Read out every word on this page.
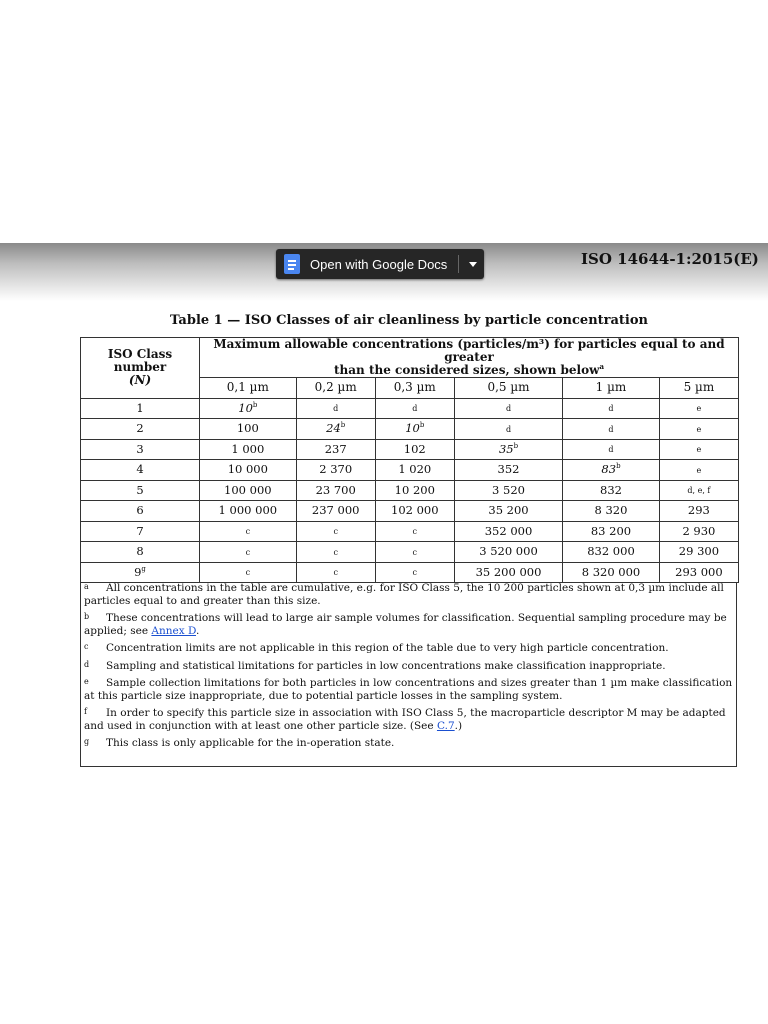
Open with Google Docs	ISO 14644-1:2015(E)
Table 1 — ISO Classes of air cleanliness by particle concentration
ISO Class number
(N)	Maximum allowable concentrations (particles/m³) for particles equal to and greater
than the considered sizes, shown below$^a$
	0,1 µm	0,2 µm	0,3 µm	0,5 µm	1 µm	5 µm
1	10$^b$	d	d	d	d	e
2	100	24$^b$	10$^b$	d	d	e
3	1 000	237	102	35$^b$	d	e
4	10 000	2 370	1 020	352	83$^b$	e
5	100 000	23 700	10 200	3 520	832	d, e, f
6	1 000 000	237 000	102 000	35 200	8 320	293
7	c	c	c	352 000	83 200	2 930
8	c	c	c	3 520 000	832 000	29 300
9$^g$	c	c	c	35 200 000	8 320 000	293 000
a	All concentrations in the table are cumulative, e.g. for ISO Class 5, the 10 200 particles shown at 0,3 µm include all particles equal to and greater than this size.
b	These concentrations will lead to large air sample volumes for classification. Sequential sampling procedure may be applied; see Annex D.
c	Concentration limits are not applicable in this region of the table due to very high particle concentration.
d	Sampling and statistical limitations for particles in low concentrations make classification inappropriate.
e	Sample collection limitations for both particles in low concentrations and sizes greater than 1 µm make classification at this particle size inappropriate, due to potential particle losses in the sampling system.
f	In order to specify this particle size in association with ISO Class 5, the macroparticle descriptor M may be adapted and used in conjunction with at least one other particle size. (See C.7.)
g	This class is only applicable for the in-operation state.
